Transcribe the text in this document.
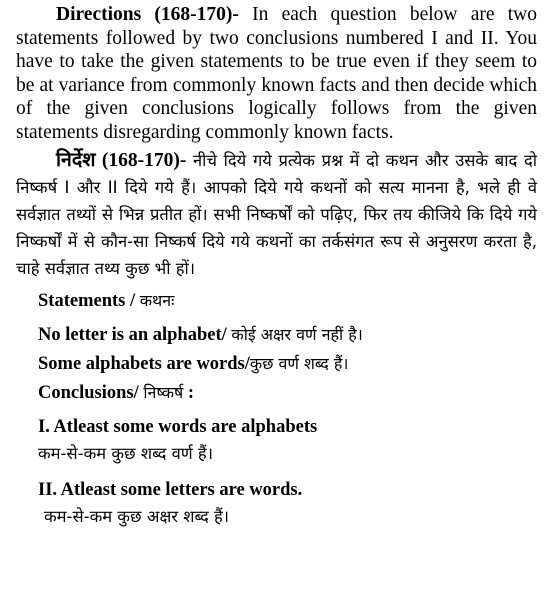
Directions (168-170)- In each question below are two statements followed by two conclusions numbered I and II. You have to take the given statements to be true even if they seem to be at variance from commonly known facts and then decide which of the given conclusions logically follows from the given statements disregarding commonly known facts.

निर्देश (168-170)- नीचे दिये गये प्रत्येक प्रश्न में दो कथन और उसके बाद दो निष्कर्ष I और II दिये गये हैं। आपको दिये गये कथनों को सत्य मानना है, भले ही वे सर्वज्ञात तथ्यों से भिन्न प्रतीत हों। सभी निष्कर्षों को पढ़िए, फिर तय कीजिये कि दिये गये निष्कर्षों में से कौन-सा निष्कर्ष दिये गये कथनों का तर्कसंगत रूप से अनुसरण करता है, चाहे सर्वज्ञात तथ्य कुछ भी हों।

Statements / कथनः

No letter is an alphabet/ कोई अक्षर वर्ण नहीं है।

Some alphabets are words/कुछ वर्ण शब्द हैं।

Conclusions/ निष्कर्ष :

I. Atleast some words are alphabets

कम-से-कम कुछ शब्द वर्ण हैं।

II. Atleast some letters are words.

कम-से-कम कुछ अक्षर शब्द हैं।
